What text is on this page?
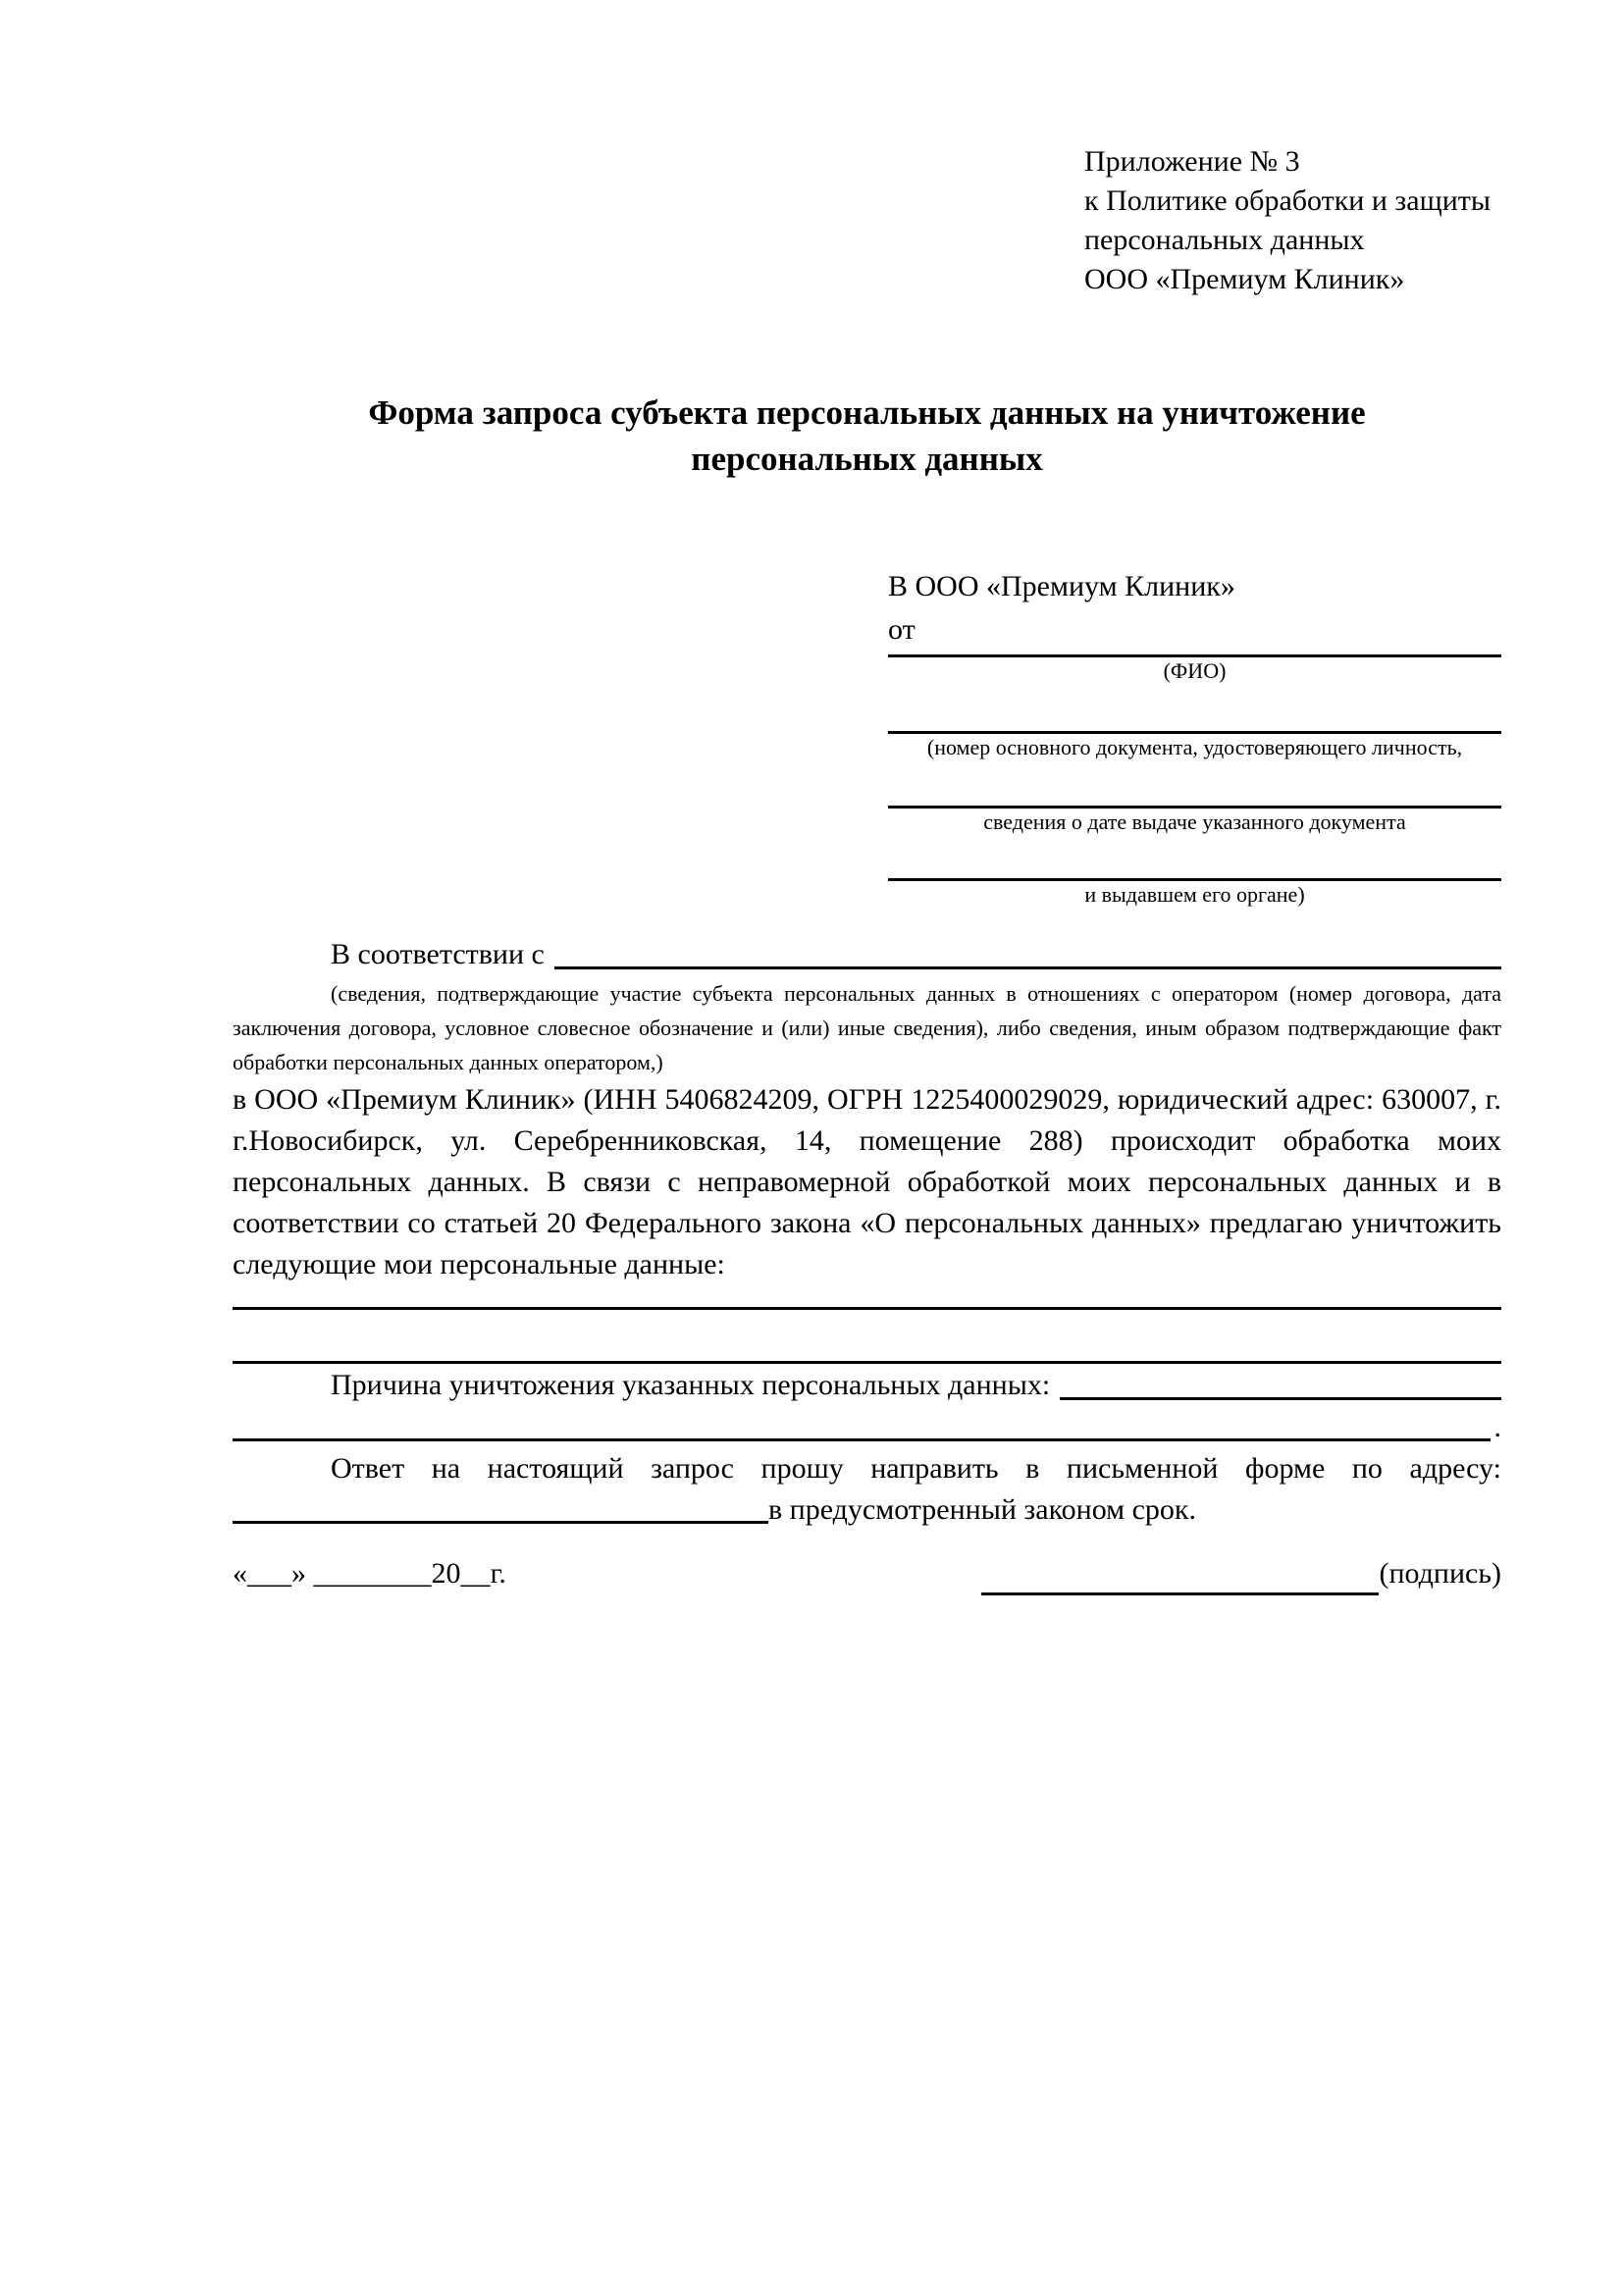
Приложение № 3
к Политике обработки и защиты
персональных данных
ООО «Премиум Клиник»
Форма запроса субъекта персональных данных на уничтожение
персональных данных
В ООО «Премиум Клиник»
от
(ФИО)
(номер основного документа, удостоверяющего личность,
сведения о дате выдаче указанного документа
и выдавшем его органе)
В соответствии с
(сведения, подтверждающие участие субъекта персональных данных в отношениях с оператором (номер договора, дата заключения договора, условное словесное обозначение и (или) иные сведения), либо сведения, иным образом подтверждающие факт обработки персональных данных оператором,)
в ООО «Премиум Клиник» (ИНН 5406824209, ОГРН 1225400029029, юридический адрес: 630007, г. г.Новосибирск, ул. Серебренниковская, 14, помещение 288) происходит обработка моих персональных данных. В связи с неправомерной обработкой моих персональных данных и в соответствии со статьей 20 Федерального закона «О персональных данных» предлагаю уничтожить следующие мои персональные данные:
Причина уничтожения указанных персональных данных:
.
Ответ на настоящий запрос прошу направить в письменной форме по адресу:
в предусмотренный законом срок.
«___» ________20__г.	(подпись)
